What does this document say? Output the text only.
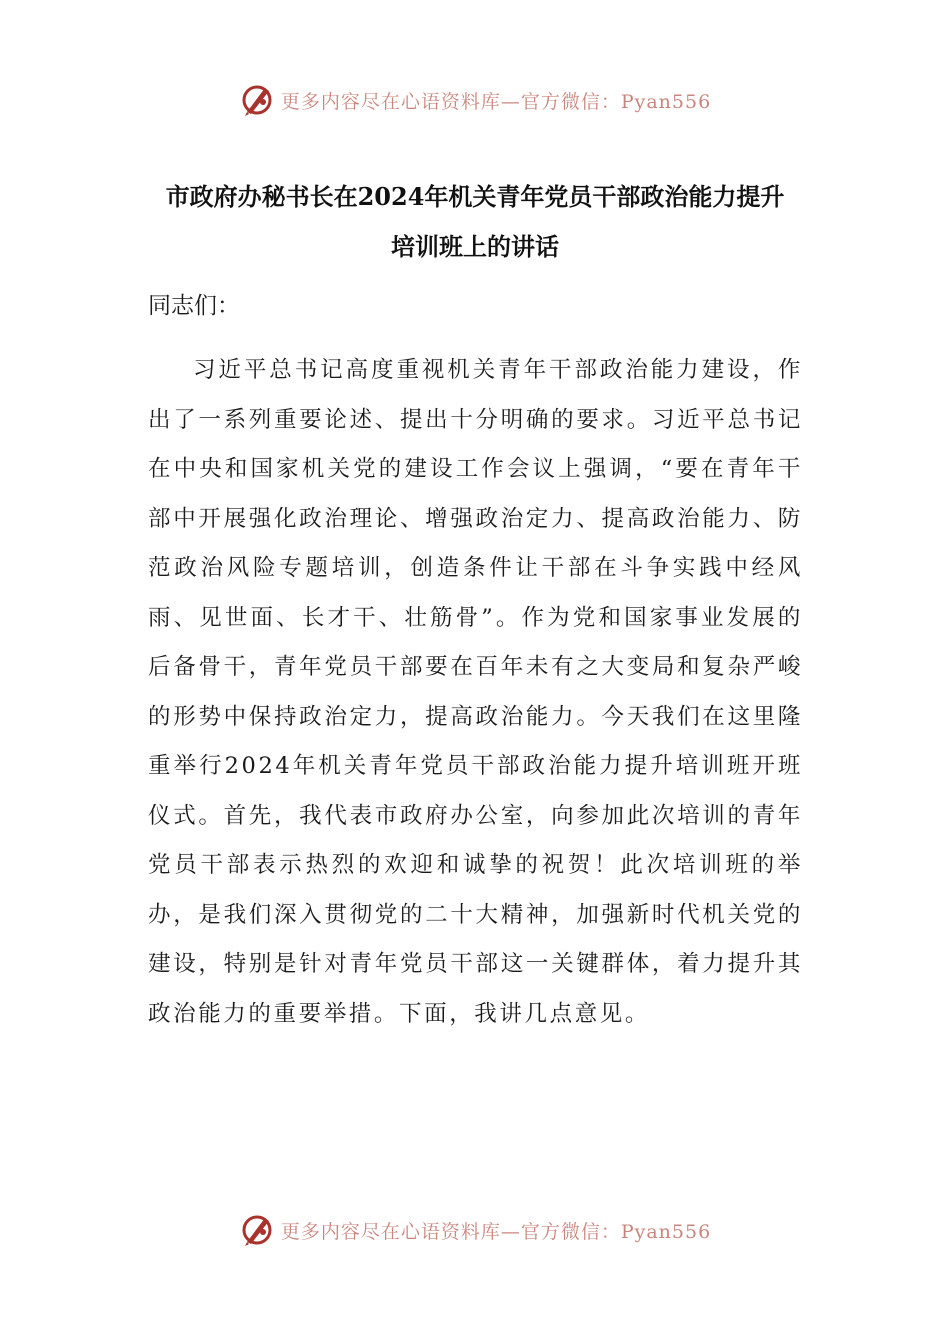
更多内容尽在心语资料库—官方微信：Pyan556
市政府办秘书长在2024年机关青年党员干部政治能力提升
培训班上的讲话
同志们：

习近平总书记高度重视机关青年干部政治能力建设，作出了一系列重要论述、提出十分明确的要求。习近平总书记在中央和国家机关党的建设工作会议上强调，“要在青年干部中开展强化政治理论、增强政治定力、提高政治能力、防范政治风险专题培训，创造条件让干部在斗争实践中经风雨、见世面、长才干、壮筋骨”。作为党和国家事业发展的后备骨干，青年党员干部要在百年未有之大变局和复杂严峻的形势中保持政治定力，提高政治能力。今天我们在这里隆重举行2024年机关青年党员干部政治能力提升培训班开班仪式。首先，我代表市政府办公室，向参加此次培训的青年党员干部表示热烈的欢迎和诚挚的祝贺！此次培训班的举办，是我们深入贯彻党的二十大精神，加强新时代机关党的建设，特别是针对青年党员干部这一关键群体，着力提升其政治能力的重要举措。下面，我讲几点意见。

更多内容尽在心语资料库—官方微信：Pyan556
